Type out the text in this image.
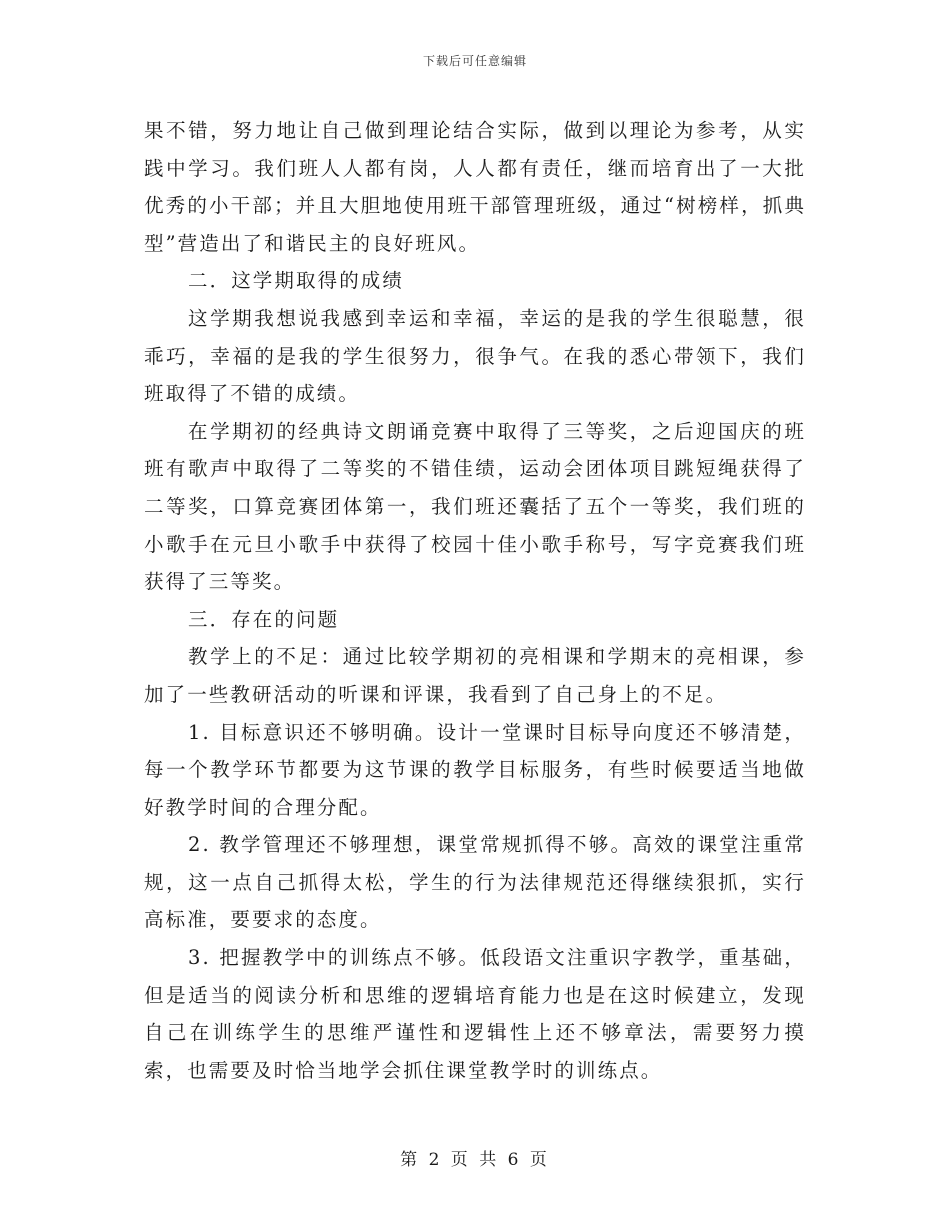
下载后可任意编辑

果不错，努力地让自己做到理论结合实际，做到以理论为参考，从实践中学习。我们班人人都有岗，人人都有责任，继而培育出了一大批优秀的小干部；并且大胆地使用班干部管理班级，通过“树榜样，抓典型”营造出了和谐民主的良好班风。

二．这学期取得的成绩

这学期我想说我感到幸运和幸福，幸运的是我的学生很聪慧，很乖巧，幸福的是我的学生很努力，很争气。在我的悉心带领下，我们班取得了不错的成绩。

在学期初的经典诗文朗诵竞赛中取得了三等奖，之后迎国庆的班班有歌声中取得了二等奖的不错佳绩，运动会团体项目跳短绳获得了二等奖，口算竞赛团体第一，我们班还囊括了五个一等奖，我们班的小歌手在元旦小歌手中获得了校园十佳小歌手称号，写字竞赛我们班获得了三等奖。

三．存在的问题

教学上的不足：通过比较学期初的亮相课和学期末的亮相课，参加了一些教研活动的听课和评课，我看到了自己身上的不足。

1. 目标意识还不够明确。设计一堂课时目标导向度还不够清楚，每一个教学环节都要为这节课的教学目标服务，有些时候要适当地做好教学时间的合理分配。

2. 教学管理还不够理想，课堂常规抓得不够。高效的课堂注重常规，这一点自己抓得太松，学生的行为法律规范还得继续狠抓，实行高标准，要要求的态度。

3. 把握教学中的训练点不够。低段语文注重识字教学，重基础，但是适当的阅读分析和思维的逻辑培育能力也是在这时候建立，发现自己在训练学生的思维严谨性和逻辑性上还不够章法，需要努力摸索，也需要及时恰当地学会抓住课堂教学时的训练点。

第 2 页 共 6 页
